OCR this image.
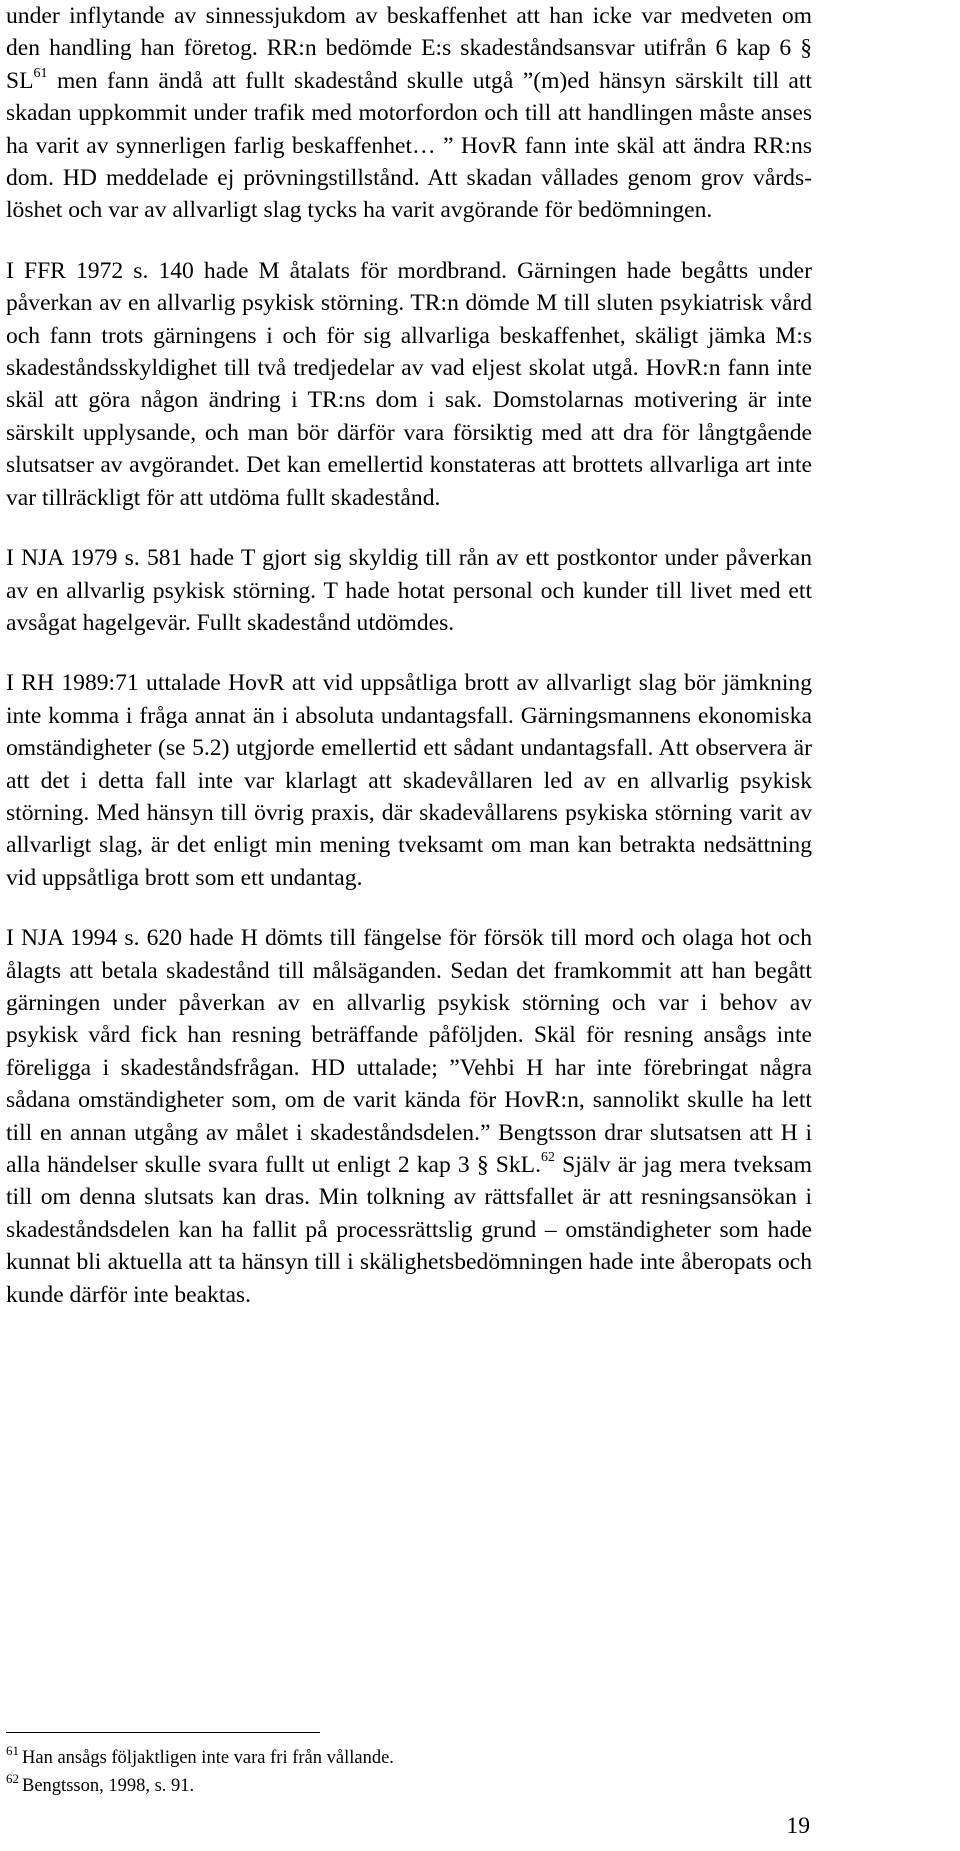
under inflytande av sinnessjukdom av beskaffenhet att han icke var medveten om den handling han företog. RR:n bedömde E:s skadeståndsansvar utifrån 6 kap 6 § SL$^{61}$ men fann ändå att fullt skadestånd skulle utgå ”(m)ed hänsyn särskilt till att skadan uppkommit under trafik med motorfordon och till att handlingen måste anses ha varit av synnerligen farlig beskaffenhet… ” HovR fann inte skäl att ändra RR:ns dom. HD meddelade ej prövningstillstånd. Att skadan vållades genom grov vårdslöshet och var av allvarligt slag tycks ha varit avgörande för bedömningen.

I FFR 1972 s. 140 hade M åtalats för mordbrand. Gärningen hade begåtts under påverkan av en allvarlig psykisk störning. TR:n dömde M till sluten psykiatrisk vård och fann trots gärningens i och för sig allvarliga beskaffenhet, skäligt jämka M:s skadeståndsskyldighet till två tredjedelar av vad eljest skolat utgå. HovR:n fann inte skäl att göra någon ändring i TR:ns dom i sak. Domstolarnas motivering är inte särskilt upplysande, och man bör därför vara försiktig med att dra för långtgående slutsatser av avgörandet. Det kan emellertid konstateras att brottets allvarliga art inte var tillräckligt för att utdöma fullt skadestånd.

I NJA 1979 s. 581 hade T gjort sig skyldig till rån av ett postkontor under påverkan av en allvarlig psykisk störning. T hade hotat personal och kunder till livet med ett avsågat hagelgevär. Fullt skadestånd utdömdes.

I RH 1989:71 uttalade HovR att vid uppsåtliga brott av allvarligt slag bör jämkning inte komma i fråga annat än i absoluta undantagsfall. Gärningsmannens ekonomiska omständigheter (se 5.2) utgjorde emellertid ett sådant undantagsfall. Att observera är att det i detta fall inte var klarlagt att skadevållaren led av en allvarlig psykisk störning. Med hänsyn till övrig praxis, där skadevållarens psykiska störning varit av allvarligt slag, är det enligt min mening tveksamt om man kan betrakta nedsättning vid uppsåtliga brott som ett undantag.

I NJA 1994 s. 620 hade H dömts till fängelse för försök till mord och olaga hot och ålagts att betala skadestånd till målsäganden. Sedan det framkommit att han begått gärningen under påverkan av en allvarlig psykisk störning och var i behov av psykisk vård fick han resning beträffande påföljden. Skäl för resning ansågs inte föreligga i skadeståndsfrågan. HD uttalade; ”Vehbi H har inte förebringat några sådana omständigheter som, om de varit kända för HovR:n, sannolikt skulle ha lett till en annan utgång av målet i skadeståndsdelen.” Bengtsson drar slutsatsen att H i alla händelser skulle svara fullt ut enligt 2 kap 3 § SkL.$^{62}$ Själv är jag mera tveksam till om denna slutsats kan dras. Min tolkning av rättsfallet är att resningsansökan i skadeståndsdelen kan ha fallit på processrättslig grund – omständigheter som hade kunnat bli aktuella att ta hänsyn till i skälighetsbedömningen hade inte åberopats och kunde därför inte beaktas.

$^{61}$ Han ansågs följaktligen inte vara fri från vållande.

$^{62}$ Bengtsson, 1998, s. 91.

19
